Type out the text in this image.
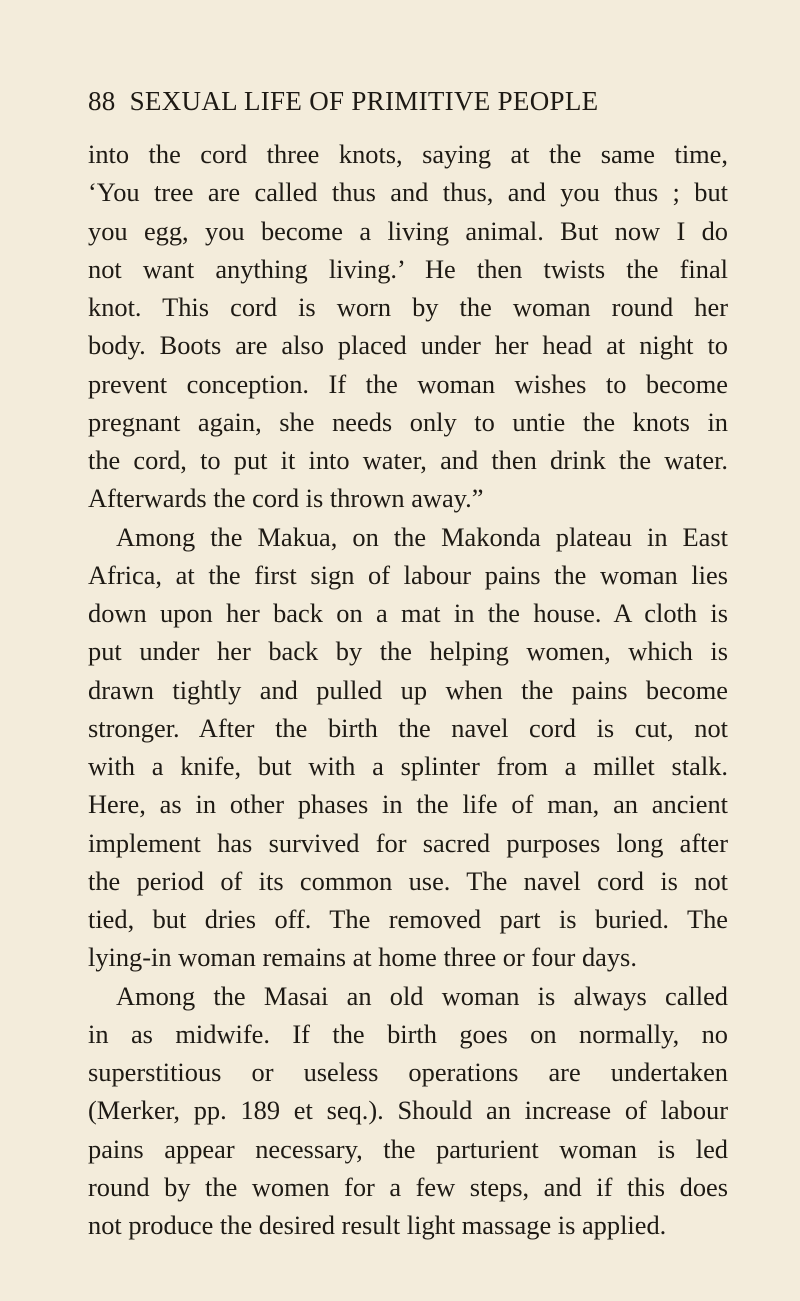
88 SEXUAL LIFE OF PRIMITIVE PEOPLE
into the cord three knots, saying at the same time,
‘You tree are called thus and thus, and you thus ; but
you egg, you become a living animal. But now I do
not want anything living.’ He then twists the final
knot. This cord is worn by the woman round her
body. Boots are also placed under her head at night to
prevent conception. If the woman wishes to become
pregnant again, she needs only to untie the knots in
the cord, to put it into water, and then drink the water.
Afterwards the cord is thrown away.”
Among the Makua, on the Makonda plateau in East
Africa, at the first sign of labour pains the woman lies
down upon her back on a mat in the house. A cloth is
put under her back by the helping women, which is
drawn tightly and pulled up when the pains become
stronger. After the birth the navel cord is cut, not
with a knife, but with a splinter from a millet stalk.
Here, as in other phases in the life of man, an ancient
implement has survived for sacred purposes long after
the period of its common use. The navel cord is not
tied, but dries off. The removed part is buried. The
lying-in woman remains at home three or four days.
Among the Masai an old woman is always called
in as midwife. If the birth goes on normally, no
superstitious or useless operations are undertaken
(Merker, pp. 189 et seq.). Should an increase of labour
pains appear necessary, the parturient woman is led
round by the women for a few steps, and if this does
not produce the desired result light massage is applied.
